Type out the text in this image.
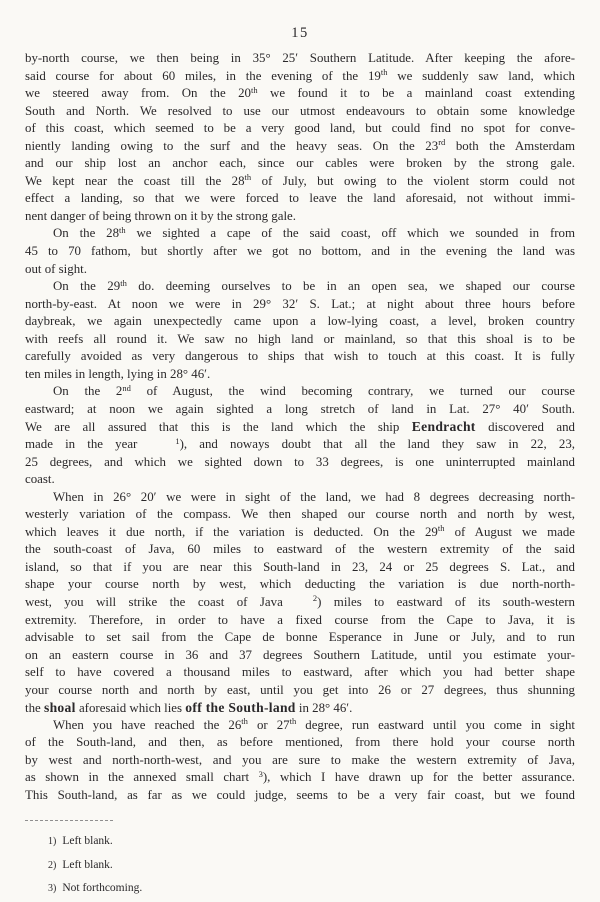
15
by-north course, we then being in 35° 25′ Southern Latitude. After keeping the afore-
said course for about 60 miles, in the evening of the 19th we suddenly saw land, which
we steered away from. On the 20th we found it to be a mainland coast extending
South and North. We resolved to use our utmost endeavours to obtain some knowledge
of this coast, which seemed to be a very good land, but could find no spot for conve-
niently landing owing to the surf and the heavy seas. On the 23rd both the Amsterdam
and our ship lost an anchor each, since our cables were broken by the strong gale.
We kept near the coast till the 28th of July, but owing to the violent storm could not
effect a landing, so that we were forced to leave the land aforesaid, not without immi-
nent danger of being thrown on it by the strong gale.
On the 28th we sighted a cape of the said coast, off which we sounded in from
45 to 70 fathom, but shortly after we got no bottom, and in the evening the land was
out of sight.
On the 29th do. deeming ourselves to be in an open sea, we shaped our course
north-by-east. At noon we were in 29° 32′ S. Lat.; at night about three hours before
daybreak, we again unexpectedly came upon a low-lying coast, a level, broken country
with reefs all round it. We saw no high land or mainland, so that this shoal is to be
carefully avoided as very dangerous to ships that wish to touch at this coast. It is fully
ten miles in length, lying in 28° 46′.
On the 2nd of August, the wind becoming contrary, we turned our course
eastward; at noon we again sighted a long stretch of land in Lat. 27° 40′ South.
We are all assured that this is the land which the ship Eendracht discovered and
made in the year	$^1$), and noways doubt that all the land they saw in 22, 23,
25 degrees, and which we sighted down to 33 degrees, is one uninterrupted mainland
coast.
When in 26° 20′ we were in sight of the land, we had 8 degrees decreasing north-
westerly variation of the compass. We then shaped our course north and north by west,
which leaves it due north, if the variation is deducted. On the 29th of August we made
the south-coast of Java, 60 miles to eastward of the western extremity of the said
island, so that if you are near this South-land in 23, 24 or 25 degrees S. Lat., and
shape your course north by west, which deducting the variation is due north-north-
west, you will strike the coast of Java	$^2$) miles to eastward of its south-western
extremity. Therefore, in order to have a fixed course from the Cape to Java, it is
advisable to set sail from the Cape de bonne Esperance in June or July, and to run
on an eastern course in 36 and 37 degrees Southern Latitude, until you estimate your-
self to have covered a thousand miles to eastward, after which you had better shape
your course north and north by east, until you get into 26 or 27 degrees, thus shunning
the shoal aforesaid which lies off the South-land in 28° 46′.
When you have reached the 26th or 27th degree, run eastward until you come in sight
of the South-land, and then, as before mentioned, from there hold your course north
by west and north-north-west, and you are sure to make the western extremity of Java,
as shown in the annexed small chart $^3$), which I have drawn up for the better assurance.
This South-land, as far as we could judge, seems to be a very fair coast, but we found
1) Left blank.
2) Left blank.
3) Not forthcoming.
